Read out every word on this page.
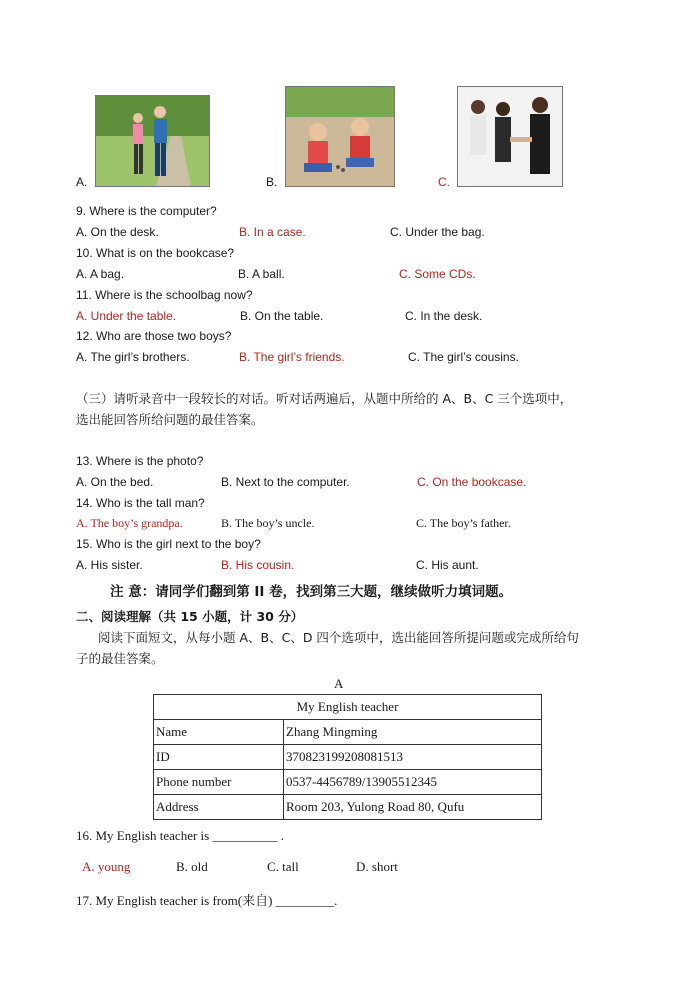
A.	B.	C.
9. Where is the computer?
A. On the desk.	B. In a case.	C. Under the bag.
10. What is on the bookcase?
A. A bag.	B. A ball.	C. Some CDs.
11. Where is the schoolbag now?
A. Under the table.	B. On the table.	C. In the desk.
12. Who are those two boys?
A. The girl’s brothers.	B. The girl’s friends.	C. The girl’s cousins.
（三）请听录音中一段较长的对话。听对话两遍后，从题中所给的 A、B、C 三个选项中，
选出能回答所给问题的最佳答案。
13. Where is the photo?
A. On the bed.	B. Next to the computer.	C. On the bookcase.
14. Who is the tall man?
A. The boy’s grandpa.	B. The boy’s uncle.	C. The boy’s father.
15. Who is the girl next to the boy?
A. His sister.	B. His cousin.	C. His aunt.
注 意：请同学们翻到第 II 卷，找到第三大题，继续做听力填词题。
二、阅读理解（共 15 小题，计 30 分）
阅读下面短文，从每小题 A、B、C、D 四个选项中，选出能回答所提问题或完成所给句
子的最佳答案。
A
My English teacher	
Name	Zhang Mingming
ID	370823199208081513
Phone number	0537-4456789/13905512345
Address	Room 203, Yulong Road 80, Qufu
16. My English teacher is __________ .
A. young	B. old	C. tall	D. short
17. My English teacher is from(来自) _________.
